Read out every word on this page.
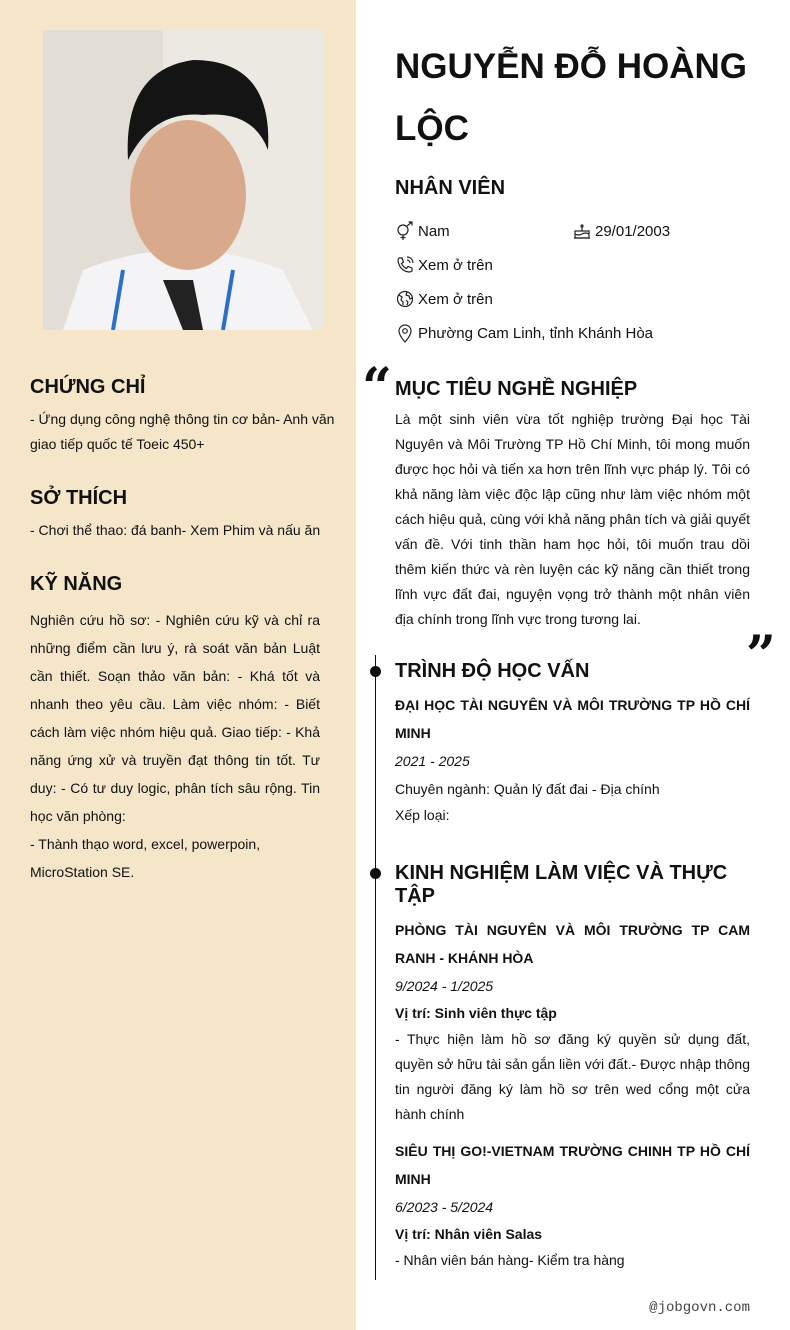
CHỨNG CHỈ
- Ứng dụng công nghệ thông tin cơ bản- Anh văn giao tiếp quốc tế Toeic 450+
SỞ THÍCH
- Chơi thể thao: đá banh- Xem Phim và nấu ăn
KỸ NĂNG
Nghiên cứu hồ sơ: - Nghiên cứu kỹ và chỉ ra những điểm cần lưu ý, rà soát văn bản Luật cần thiết. Soạn thảo văn bản: - Khá tốt và nhanh theo yêu cầu. Làm việc nhóm: - Biết cách làm việc nhóm hiệu quả. Giao tiếp: - Khả năng ứng xử và truyền đạt thông tin tốt. Tư duy: - Có tư duy logic, phân tích sâu rộng. Tin học văn phòng:
- Thành thạo word, excel, powerpoin, MicroStation SE.
NGUYỄN ĐỖ HOÀNG LỘC
NHÂN VIÊN
Nam	29/01/2003
Xem ở trên
Xem ở trên
Phường Cam Linh, tỉnh Khánh Hòa
“
”
MỤC TIÊU NGHỀ NGHIỆP
Là một sinh viên vừa tốt nghiệp trường Đại học Tài Nguyên và Môi Trường TP Hồ Chí Minh, tôi mong muốn được học hỏi và tiến xa hơn trên lĩnh vực pháp lý. Tôi có khả năng làm việc độc lập cũng như làm việc nhóm một cách hiệu quả, cùng với khả năng phân tích và giải quyết vấn đề. Với tinh thần ham học hỏi, tôi muốn trau dồi thêm kiến thức và rèn luyện các kỹ năng cần thiết trong lĩnh vực đất đai, nguyện vọng trở thành một nhân viên địa chính trong lĩnh vực trong tương lai.
TRÌNH ĐỘ HỌC VẤN
ĐẠI HỌC TÀI NGUYÊN VÀ MÔI TRƯỜNG TP HỒ CHÍ MINH
2021 - 2025
Chuyên ngành: Quản lý đất đai - Địa chính
Xếp loại:
KINH NGHIỆM LÀM VIỆC VÀ THỰC TẬP
PHÒNG TÀI NGUYÊN VÀ MÔI TRƯỜNG TP CAM RANH - KHÁNH HÒA
9/2024 - 1/2025
Vị trí: Sinh viên thực tập
- Thực hiện làm hồ sơ đăng ký quyền sử dụng đất, quyền sở hữu tài sản gắn liền với đất.- Được nhập thông tin người đăng ký làm hồ sơ trên wed cổng một cửa hành chính
SIÊU THỊ GO!-VIETNAM TRƯỜNG CHINH TP HỒ CHÍ MINH
6/2023 - 5/2024
Vị trí: Nhân viên Salas
- Nhân viên bán hàng- Kiểm tra hàng
@jobgovn.com
